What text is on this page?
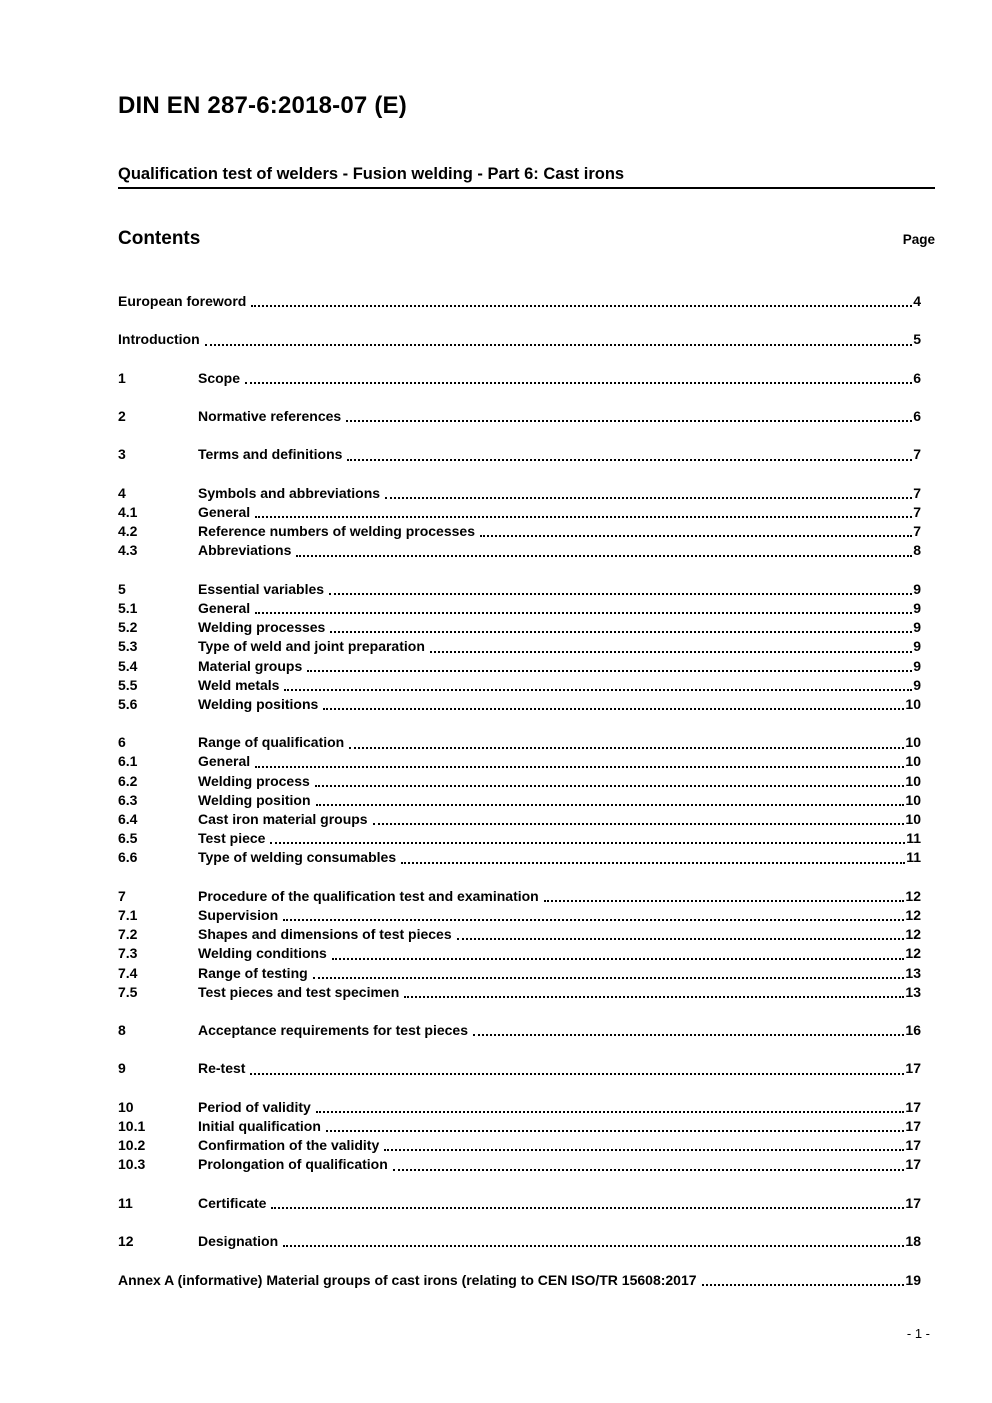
DIN EN 287-6:2018-07 (E)
Qualification test of welders - Fusion welding - Part 6: Cast irons
Contents	Page
European foreword	4
Introduction	5
1	Scope	6
2	Normative references	6
3	Terms and definitions	7
4	Symbols and abbreviations	7
4.1	General	7
4.2	Reference numbers of welding processes	7
4.3	Abbreviations	8
5	Essential variables	9
5.1	General	9
5.2	Welding processes	9
5.3	Type of weld and joint preparation	9
5.4	Material groups	9
5.5	Weld metals	9
5.6	Welding positions	10
6	Range of qualification	10
6.1	General	10
6.2	Welding process	10
6.3	Welding position	10
6.4	Cast iron material groups	10
6.5	Test piece	11
6.6	Type of welding consumables	11
7	Procedure of the qualification test and examination	12
7.1	Supervision	12
7.2	Shapes and dimensions of test pieces	12
7.3	Welding conditions	12
7.4	Range of testing	13
7.5	Test pieces and test specimen	13
8	Acceptance requirements for test pieces	16
9	Re-test	17
10	Period of validity	17
10.1	Initial qualification	17
10.2	Confirmation of the validity	17
10.3	Prolongation of qualification	17
11	Certificate	17
12	Designation	18
Annex A (informative) Material groups of cast irons (relating to CEN ISO/TR 15608:2017	19
- 1 -
